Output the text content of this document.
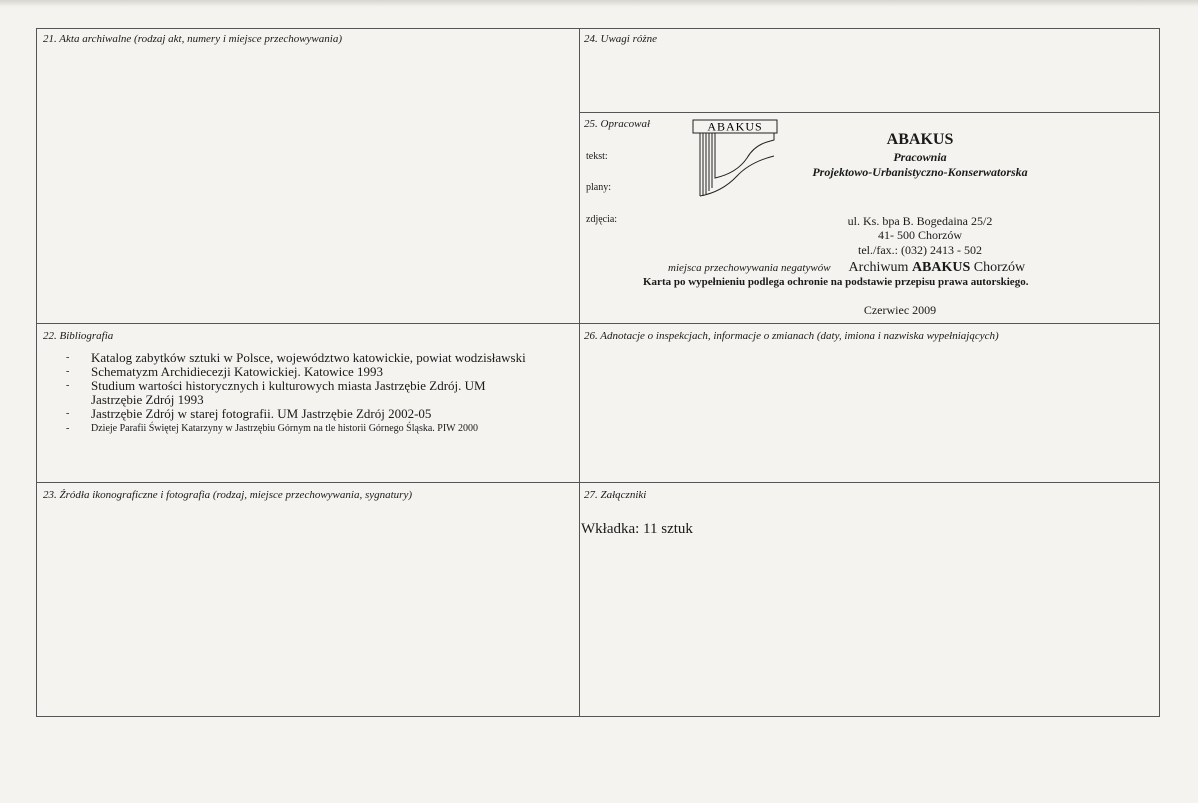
21. Akta archiwalne (rodzaj akt, numery i miejsce przechowywania)	24. Uwagi różne
25. Opracował
tekst:
plany:
zdjęcia:
ABAKUS
ABAKUS
Pracownia
Projektowo-Urbanistyczno-Konserwatorska
ul. Ks. bpa B. Bogedaina 25/2
41- 500 Chorzów
tel./fax.: (032) 2413 - 502
miejsca przechowywania negatywów Archiwum ABAKUS Chorzów
Karta po wypełnieniu podlega ochronie na podstawie przepisu prawa autorskiego.
Czerwiec 2009
22. Bibliografia
- Katalog zabytków sztuki w Polsce, województwo katowickie, powiat wodzisławski
- Schematyzm Archidiecezji Katowickiej. Katowice 1993
- Studium wartości historycznych i kulturowych miasta Jastrzębie Zdrój. UM Jastrzębie Zdrój 1993
- Jastrzębie Zdrój w starej fotografii. UM Jastrzębie Zdrój 2002-05
- Dzieje Parafii Świętej Katarzyny w Jastrzębiu Górnym na tle historii Górnego Śląska. PIW 2000
26. Adnotacje o inspekcjach, informacje o zmianach (daty, imiona i nazwiska wypełniających)
23. Źródła ikonograficzne i fotografia (rodzaj, miejsce przechowywania, sygnatury)	27. Załączniki
Wkładka: 11 sztuk
